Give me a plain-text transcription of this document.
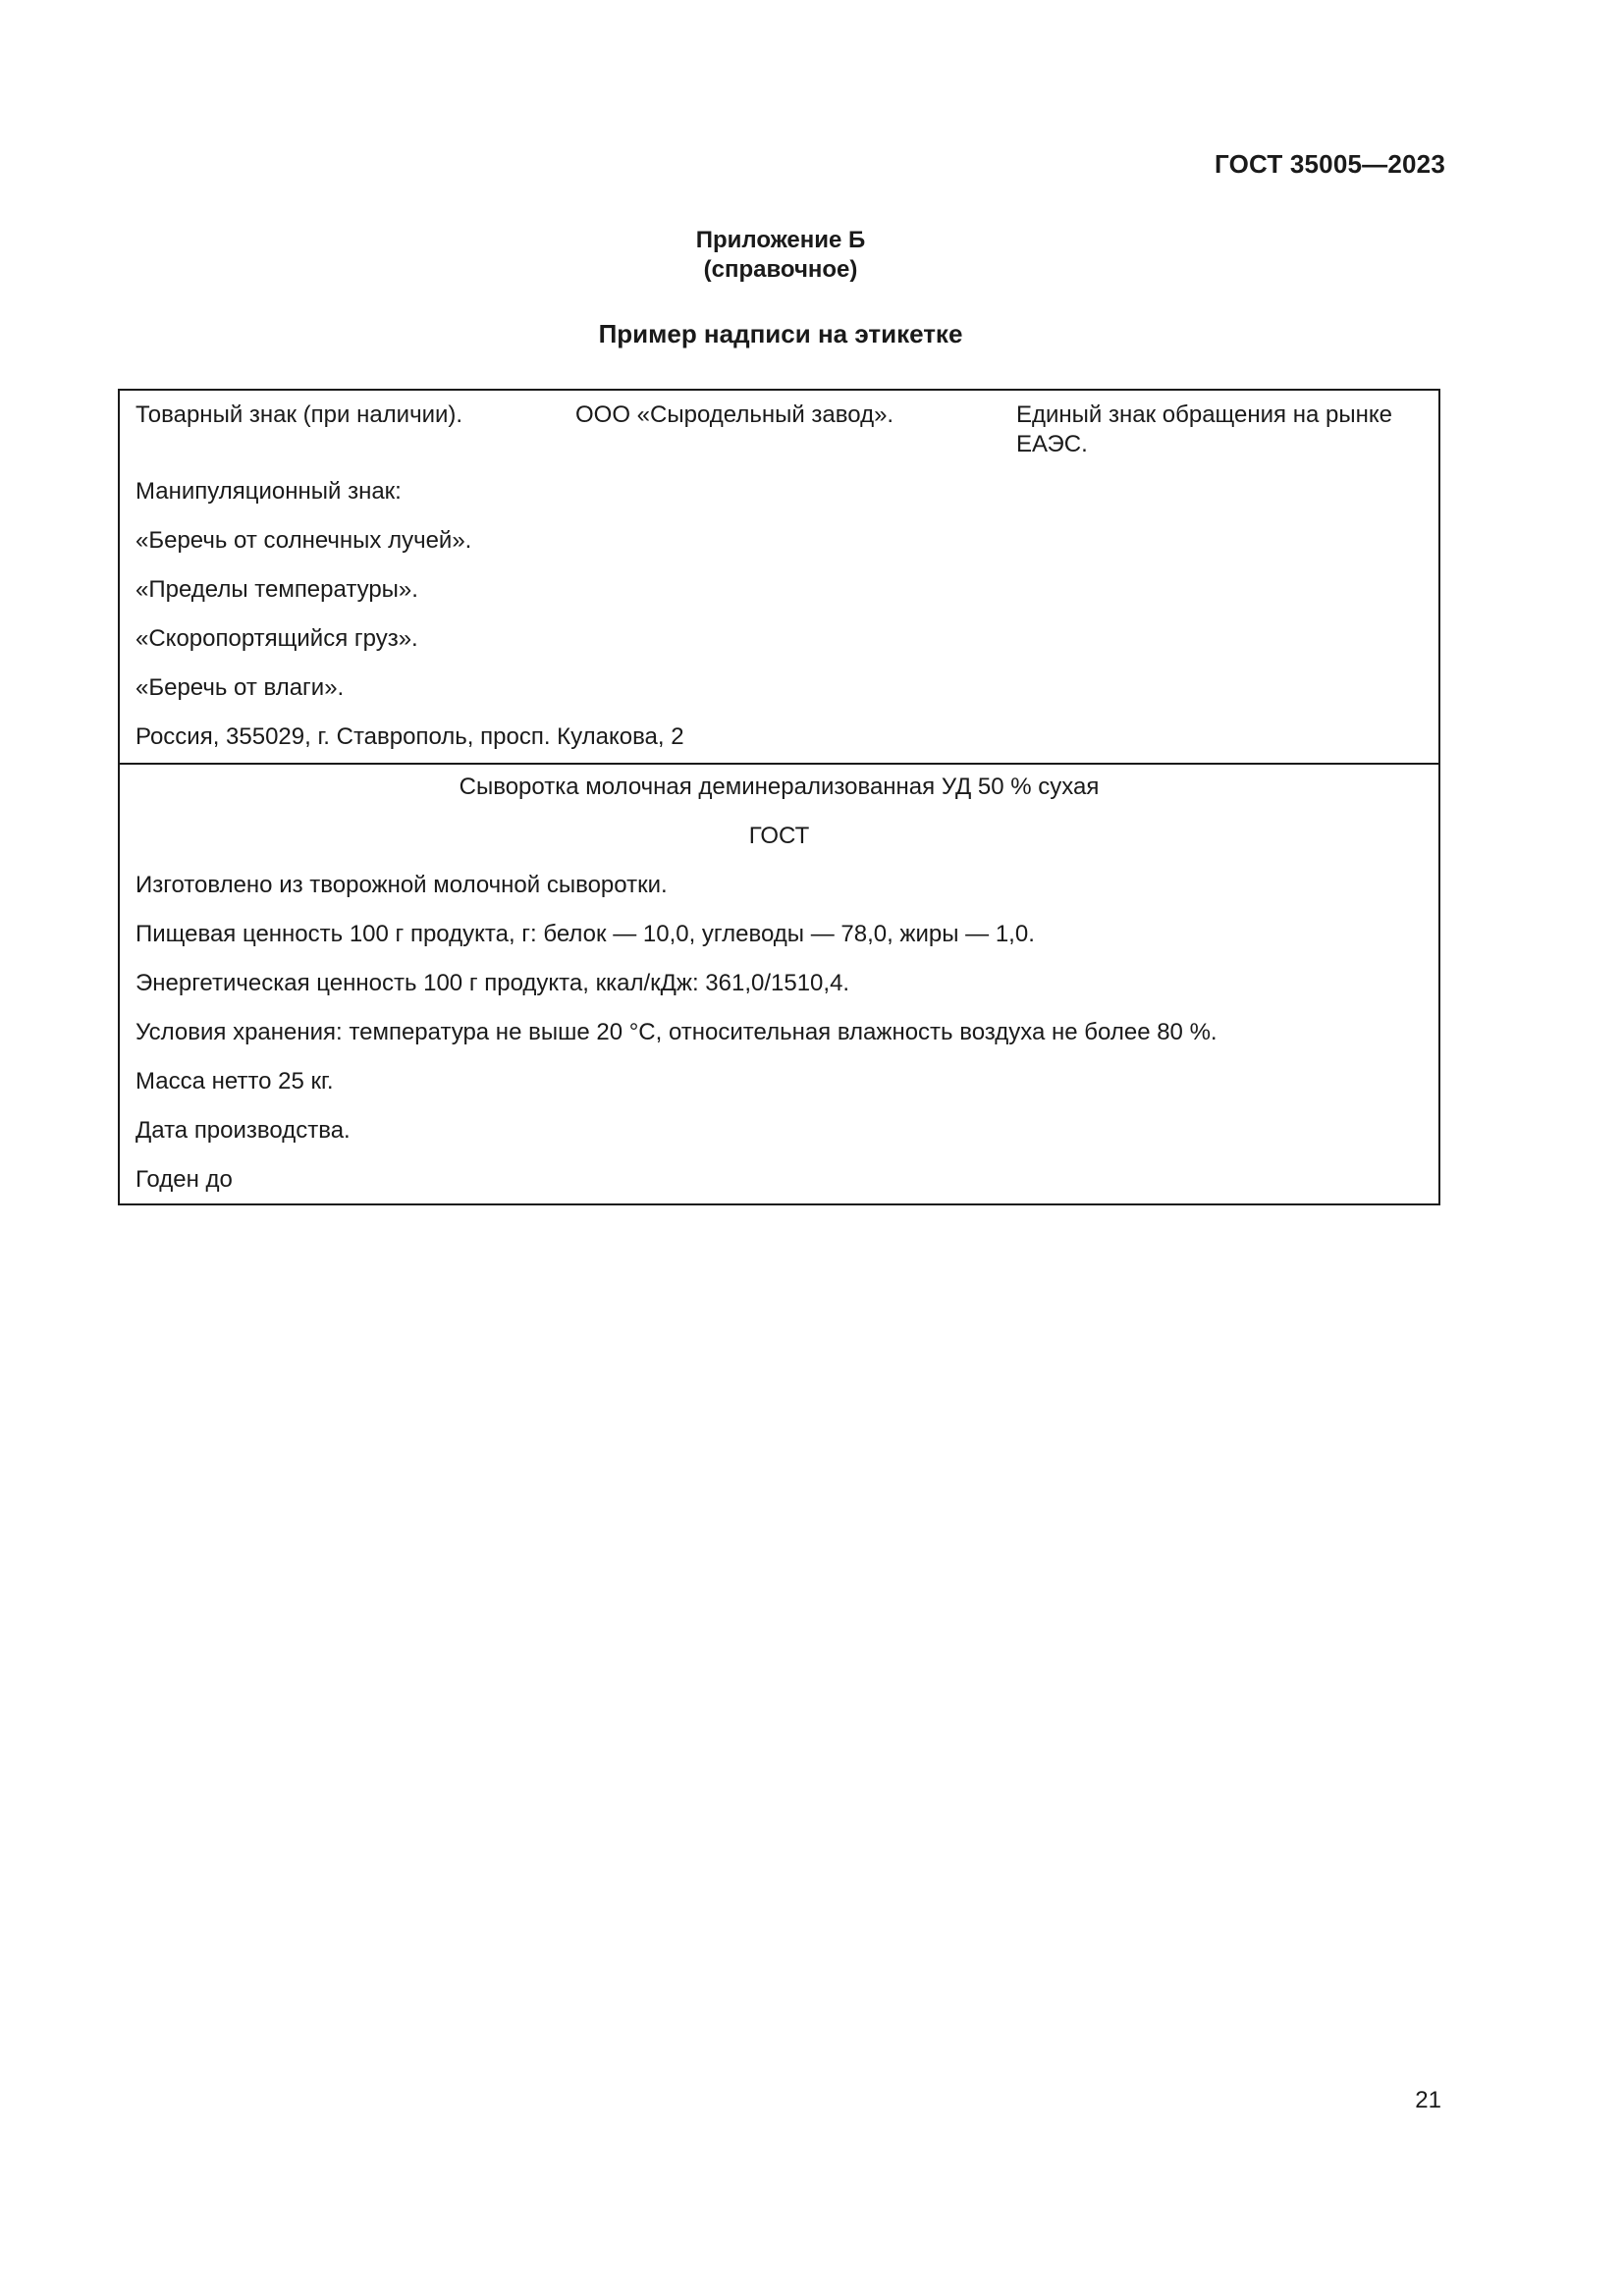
ГОСТ 35005—2023
Приложение Б
(справочное)
Пример надписи на этикетке
Товарный знак (при наличии).	ООО «Сыродельный завод».	Единый знак обращения на рынке
ЕАЭС.
Манипуляционный знак:
«Беречь от солнечных лучей».
«Пределы температуры».
«Скоропортящийся груз».
«Беречь от влаги».
Россия, 355029, г. Ставрополь, просп. Кулакова, 2
Сыворотка молочная деминерализованная УД 50 % сухая
ГОСТ
Изготовлено из творожной молочной сыворотки.
Пищевая ценность 100 г продукта, г: белок — 10,0, углеводы — 78,0, жиры — 1,0.
Энергетическая ценность 100 г продукта, ккал/кДж: 361,0/1510,4.
Условия хранения: температура не выше 20 °С, относительная влажность воздуха не более 80 %.
Масса нетто 25 кг.
Дата производства.
Годен до
21
